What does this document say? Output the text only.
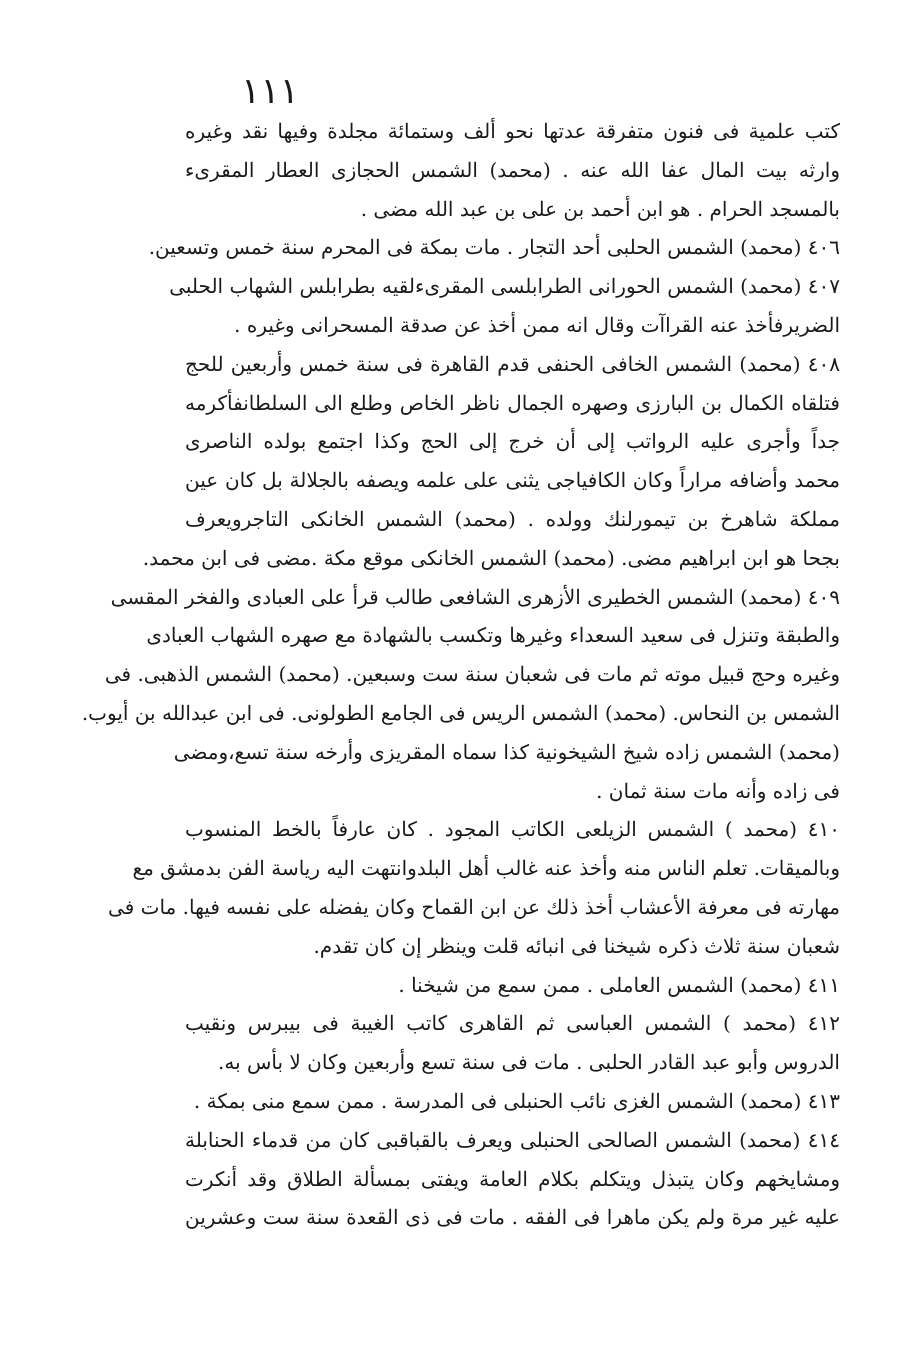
١١١
كتب علمية فى فنون متفرقة عدتها نحو ألف وستمائة مجلدة وفيها نقد وغيره
وارثه بيت المال عفا الله عنه . (محمد) الشمس الحجازى العطار المقرىء
بالمسجد الحرام . هو ابن أحمد بن على بن عبد الله مضى .
٤٠٦ (محمد) الشمس الحلبى أحد التجار . مات بمكة فى المحرم سنة خمس وتسعين.
٤٠٧ (محمد) الشمس الحورانى الطرابلسى المقرىءلقيه بطرابلس الشهاب الحلبى
الضريرفأخذ عنه القراآت وقال انه ممن أخذ عن صدقة المسحرانى وغيره .
٤٠٨ (محمد) الشمس الخافى الحنفى قدم القاهرة فى سنة خمس وأربعين للحج
فتلقاه الكمال بن البارزى وصهره الجمال ناظر الخاص وطلع الى السلطانفأكرمه
جداً وأجرى عليه الرواتب إلى أن خرج إلى الحج وكذا اجتمع بولده الناصرى
محمد وأضافه مراراً وكان الكافياجى يثنى على علمه ويصفه بالجلالة بل كان عين
مملكة شاهرخ بن تيمورلنك وولده . (محمد) الشمس الخانكى التاجرويعرف
بجحا هو ابن ابراهيم مضى. (محمد) الشمس الخانكى موقع مكة .مضى فى ابن محمد.
٤٠٩ (محمد) الشمس الخطيرى الأزهرى الشافعى طالب قرأ على العبادى والفخر المقسى
والطبقة وتنزل فى سعيد السعداء وغيرها وتكسب بالشهادة مع صهره الشهاب العبادى
وغيره وحج قبيل موته ثم مات فى شعبان سنة ست وسبعين. (محمد) الشمس الذهبى. فى
الشمس بن النحاس. (محمد) الشمس الريس فى الجامع الطولونى. فى ابن عبدالله بن أيوب.
(محمد) الشمس زاده شيخ الشيخونية كذا سماه المقريزى وأرخه سنة تسع،ومضى
فى زاده وأنه مات سنة ثمان .
٤١٠ (محمد ) الشمس الزيلعى الكاتب المجود . كان عارفاً بالخط المنسوب
وبالميقات. تعلم الناس منه وأخذ عنه غالب أهل البلدوانتهت اليه رياسة الفن بدمشق مع
مهارته فى معرفة الأعشاب أخذ ذلك عن ابن القماح وكان يفضله على نفسه فيها. مات فى
شعبان سنة ثلاث ذكره شيخنا فى انبائه قلت وينظر إن كان تقدم.
٤١١ (محمد) الشمس العاملى . ممن سمع من شيخنا .
٤١٢ (محمد ) الشمس العباسى ثم القاهرى كاتب الغيبة فى بيبرس ونقيب
الدروس وأبو عبد القادر الحلبى . مات فى سنة تسع وأربعين وكان لا بأس به.
٤١٣ (محمد) الشمس الغزى نائب الحنبلى فى المدرسة . ممن سمع منى بمكة .
٤١٤ (محمد) الشمس الصالحى الحنبلى ويعرف بالقباقبى كان من قدماء الحنابلة
ومشايخهم وكان يتبذل ويتكلم بكلام العامة ويفتى بمسألة الطلاق وقد أنكرت
عليه غير مرة ولم يكن ماهرا فى الفقه . مات فى ذى القعدة سنة ست وعشرين
